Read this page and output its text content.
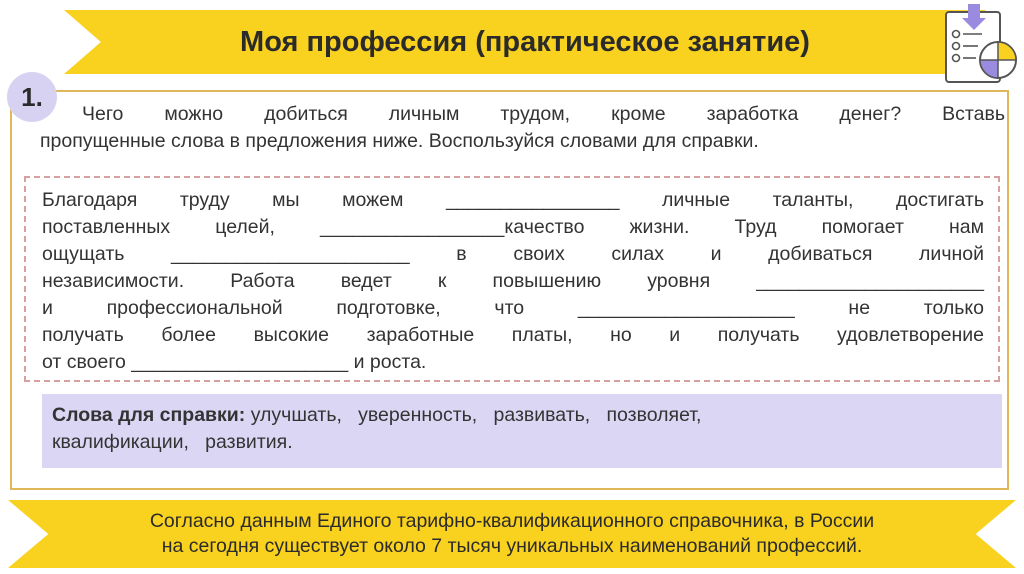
Моя профессия (практическое занятие)
1.
Чего можно добиться личным трудом, кроме заработка денег? Вставь
пропущенные слова в предложения ниже. Воспользуйся словами для справки.
Благодаря труду мы можем ________________ личные таланты, достигать
поставленных целей, _________________качество жизни. Труд помогает нам
ощущать ______________________ в своих силах и добиваться личной
независимости. Работа ведет к повышению уровня _____________________
и профессиональной подготовке, что ____________________ не только
получать более высокие заработные платы, но и получать удовлетворение
от своего ____________________ и роста.
Слова для справки: улучшать,   уверенность,   развивать,   позволяет,
квалификации,   развития.
Согласно данным Единого тарифно-квалификационного справочника, в России
на сегодня существует около 7 тысяч уникальных наименований профессий.
